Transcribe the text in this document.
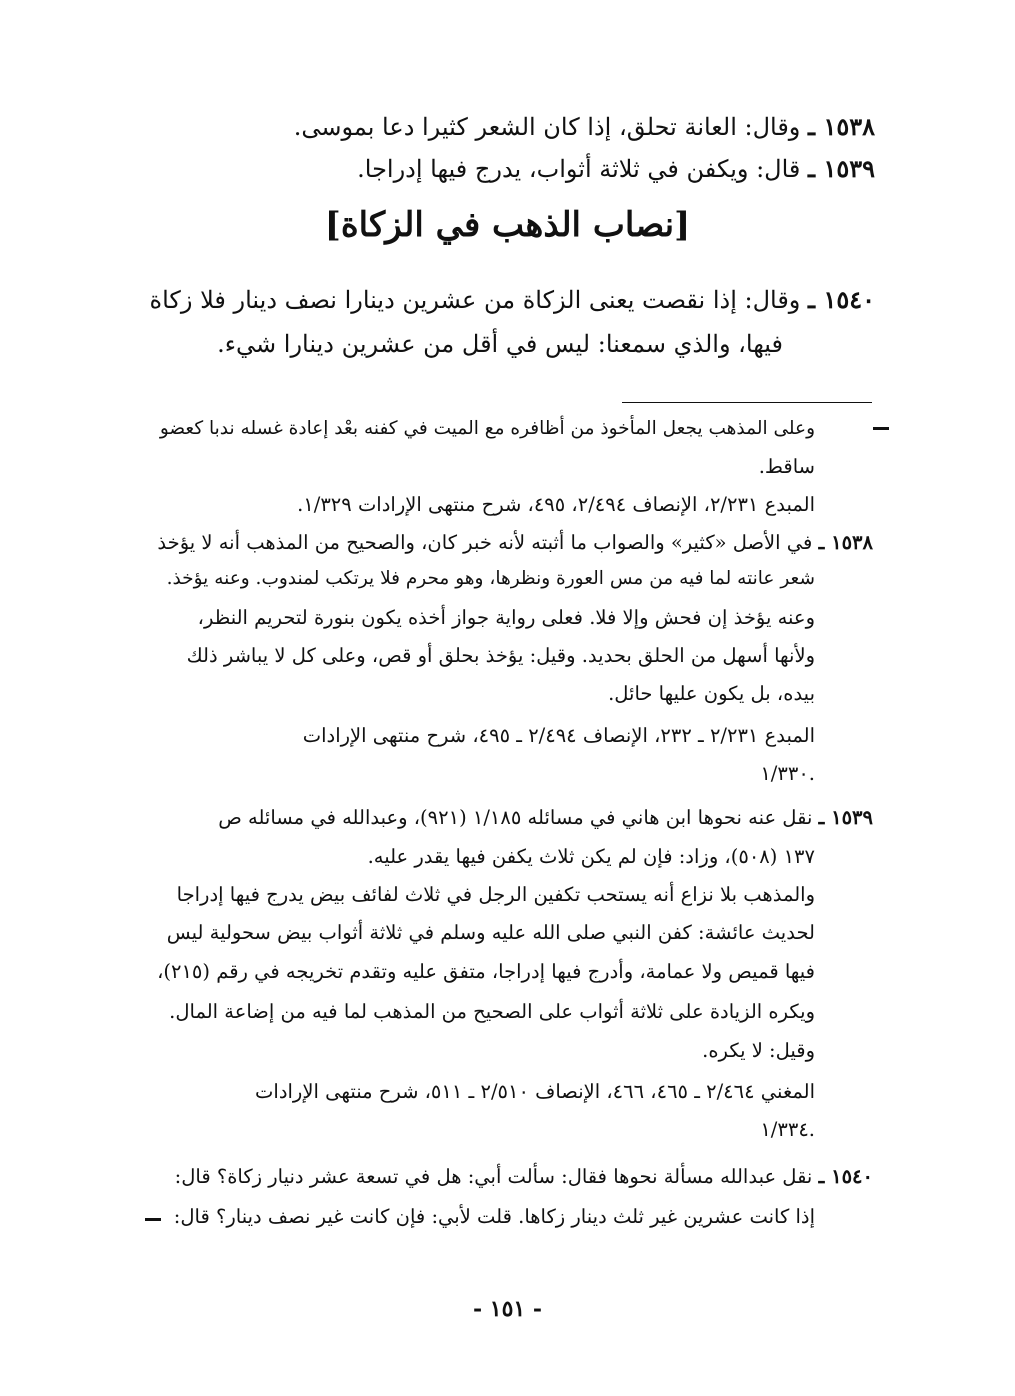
١٥٣٨ ـ وقال: العانة تحلق، إذا كان الشعر كثيرا دعا بموسى.
١٥٣٩ ـ قال: ويكفن في ثلاثة أثواب، يدرج فيها إدراجا.
[نصاب الذهب في الزكاة]
١٥٤٠ ـ وقال: إذا نقصت يعنى الزكاة من عشرين دينارا نصف دينار فلا زكاة
فيها، والذي سمعنا: ليس في أقل من عشرين دينارا شيء.
وعلى المذهب يجعل المأخوذ من أظافره مع الميت في كفنه بعْد إعادة غسله ندبا كعضو
ساقط.
المبدع ٢/٢٣١، الإنصاف ٢/٤٩٤، ٤٩٥، شرح منتهى الإرادات ١/٣٢٩.
١٥٣٨ ـ في الأصل «كثير» والصواب ما أثبته لأنه خبر كان، والصحيح من المذهب أنه لا يؤخذ
شعر عانته لما فيه من مس العورة ونظرها، وهو محرم فلا يرتكب لمندوب. وعنه يؤخذ.
وعنه يؤخذ إن فحش وإلا فلا. فعلى رواية جواز أخذه يكون بنورة لتحريم النظر،
ولأنها أسهل من الحلق بحديد. وقيل: يؤخذ بحلق أو قص، وعلى كل لا يباشر ذلك
بيده، بل يكون عليها حائل.
المبدع ٢/٢٣١ ـ ٢٣٢، الإنصاف ٢/٤٩٤ ـ ٤٩٥، شرح منتهى الإرادات
١/٣٣٠.
١٥٣٩ ـ نقل عنه نحوها ابن هاني في مسائله ١/١٨٥ (٩٢١)، وعبدالله في مسائله ص
١٣٧ (٥٠٨)، وزاد: فإن لم يكن ثلاث يكفن فيها يقدر عليه.
والمذهب بلا نزاع أنه يستحب تكفين الرجل في ثلاث لفائف بيض يدرج فيها إدراجا
لحديث عائشة: كفن النبي صلى الله عليه وسلم في ثلاثة أثواب بيض سحولية ليس
فيها قميص ولا عمامة، وأدرج فيها إدراجا، متفق عليه وتقدم تخريجه في رقم (٢١٥)،
ويكره الزيادة على ثلاثة أثواب على الصحيح من المذهب لما فيه من إضاعة المال.
وقيل: لا يكره.
المغني ٢/٤٦٤ ـ ٤٦٥، ٤٦٦، الإنصاف ٢/٥١٠ ـ ٥١١، شرح منتهى الإرادات
١/٣٣٤.
١٥٤٠ ـ نقل عبدالله مسألة نحوها فقال: سألت أبي: هل في تسعة عشر دنيار زكاة؟ قال:
إذا كانت عشرين غير ثلث دينار زكاها. قلت لأبي: فإن كانت غير نصف دينار؟ قال:
- ١٥١ -
